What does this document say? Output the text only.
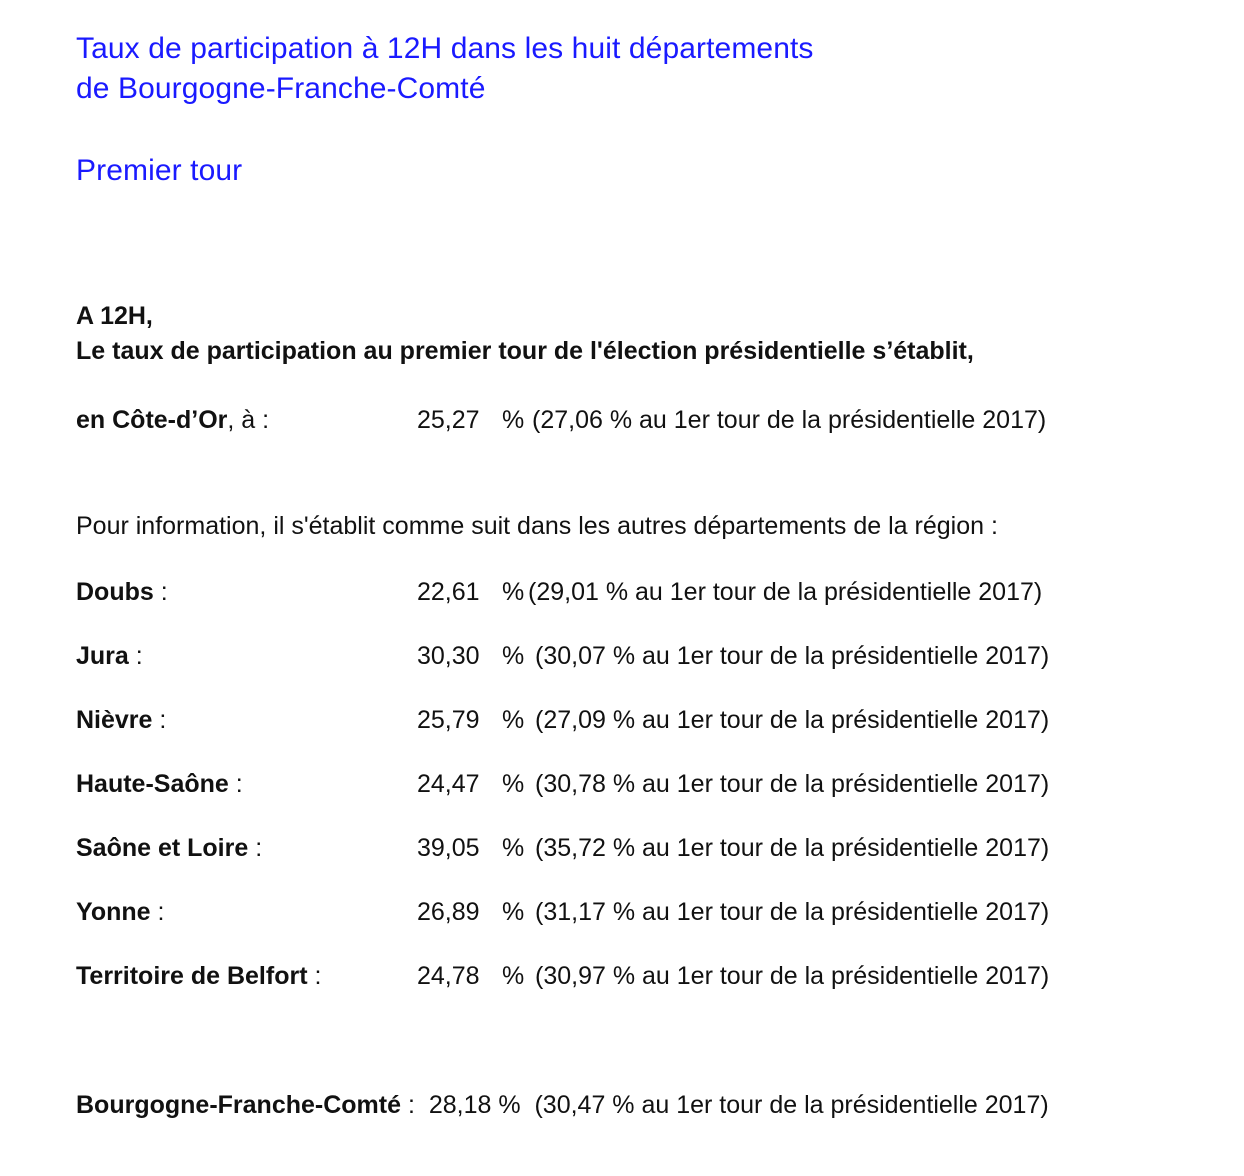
Taux de participation à 12H dans les huit départements
de Bourgogne-Franche-Comté
Premier tour
A 12H,
Le taux de participation au premier tour de l'élection présidentielle s’établit,
en Côte-d’Or, à :	25,27 % (27,06 % au 1er tour de la présidentielle 2017)
Pour information, il s'établit comme suit dans les autres départements de la région :
Doubs :	22,61 % (29,01 % au 1er tour de la présidentielle 2017)
Jura :	30,30 % (30,07 % au 1er tour de la présidentielle 2017)
Nièvre :	25,79 % (27,09 % au 1er tour de la présidentielle 2017)
Haute-Saône :	24,47 % (30,78 % au 1er tour de la présidentielle 2017)
Saône et Loire :	39,05 % (35,72 % au 1er tour de la présidentielle 2017)
Yonne :	26,89 % (31,17 % au 1er tour de la présidentielle 2017)
Territoire de Belfort :	24,78 % (30,97 % au 1er tour de la présidentielle 2017)
Bourgogne-Franche-Comté : 28,18 % (30,47 % au 1er tour de la présidentielle 2017)
